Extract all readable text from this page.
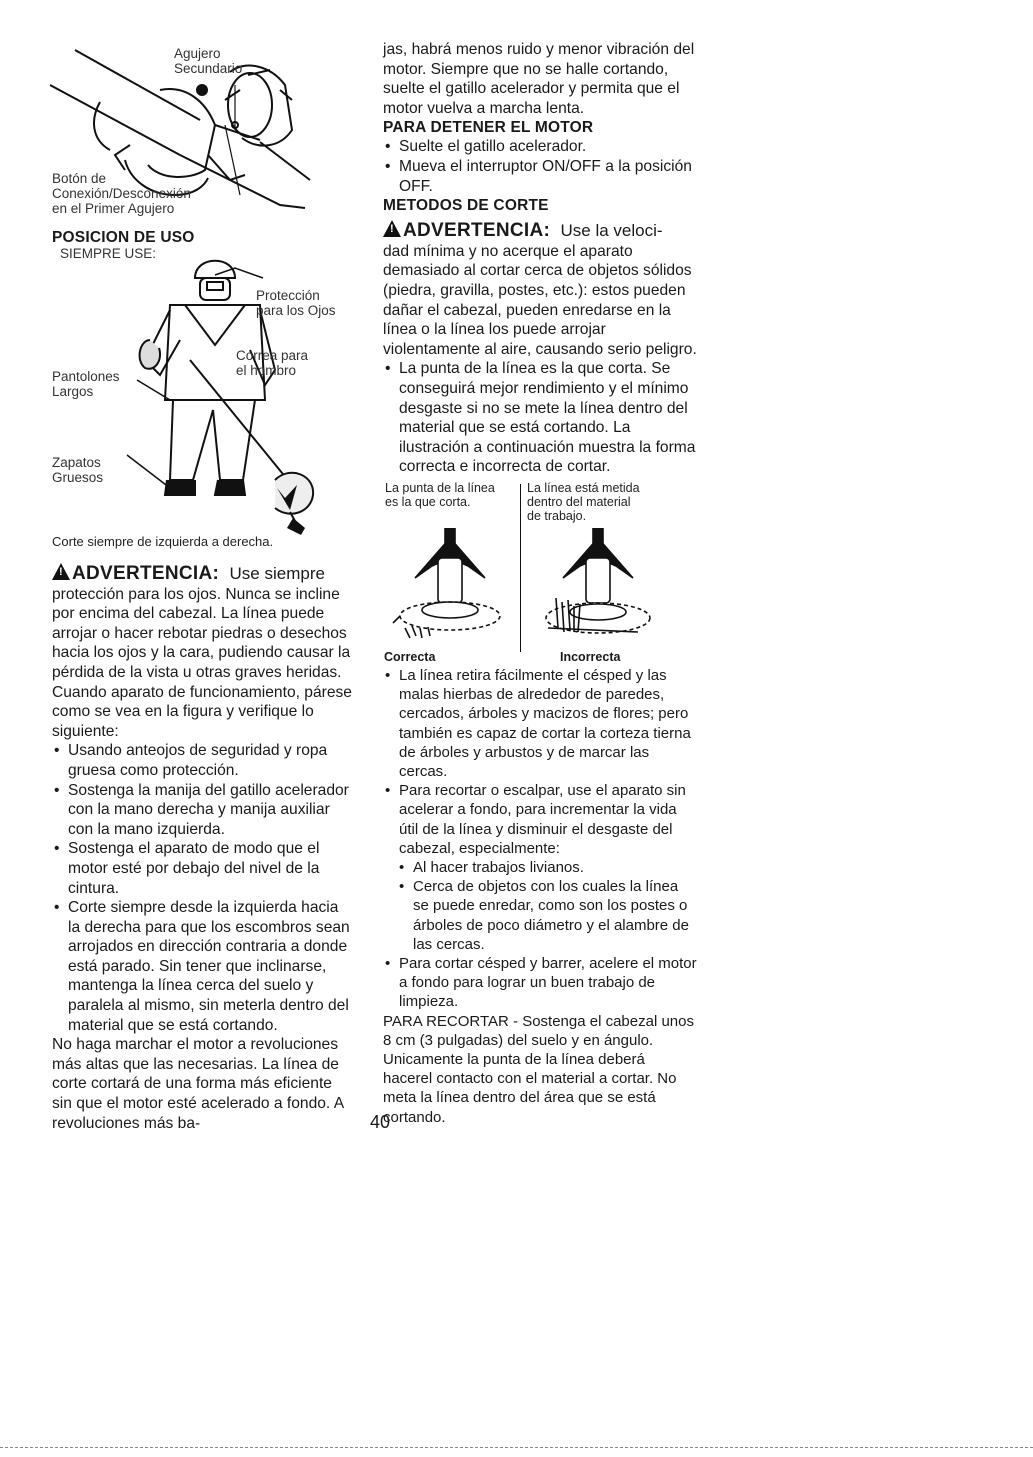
Agujero
Secundario
Botón de
Conexión/Desconexión
en el Primer Agujero
POSICION DE USO
SIEMPRE USE:
Protección
para los Ojos
Correa para
el hombro
Pantolones
Largos
Zapatos
Gruesos
Corte siempre de izquierda a derecha.

! ADVERTENCIA: Use siempre

protección para los ojos. Nunca se incline por encima del cabezal. La línea puede arrojar o hacer rebotar piedras o desechos hacia los ojos y la cara, pudiendo causar la pérdida de la vista u otras graves heridas.

Cuando aparato de funcionamiento, párese como se vea en la figura y verifique lo siguiente:

• Usando anteojos de seguridad y ropa gruesa como protección.
• Sostenga la manija del gatillo acelerador con la mano derecha y manija auxiliar con la mano izquierda.
• Sostenga el aparato de modo que el motor esté por debajo del nivel de la cintura.
• Corte siempre desde la izquierda hacia la derecha para que los escombros sean arrojados en dirección contraria a donde está parado. Sin tener que inclinarse, mantenga la línea cerca del suelo y paralela al mismo, sin meterla dentro del material que se está cortando.

No haga marchar el motor a revoluciones más altas que las necesarias. La línea de corte cortará de una forma más eficiente sin que el motor esté acelerado a fondo. A revoluciones más ba-

jas, habrá menos ruido y menor vibración del motor. Siempre que no se halle cortando, suelte el gatillo acelerador y permita que el motor vuelva a marcha lenta.

PARA DETENER EL MOTOR

• Suelte el gatillo acelerador.
• Mueva el interruptor ON/OFF a la posición OFF.

METODOS DE CORTE

! ADVERTENCIA: Use la veloci-

dad mínima y no acerque el aparato demasiado al cortar cerca de objetos sólidos (piedra, gravilla, postes, etc.): estos pueden dañar el cabezal, pueden enredarse en la línea o la línea los puede arrojar violentamente al aire, causando serio peligro.

• La punta de la línea es la que corta. Se conseguirá mejor rendimiento y el mínimo desgaste si no se mete la línea dentro del material que se está cortando. La ilustración a continuación muestra la forma correcta e incorrecta de cortar.
La punta de la línea
es la que corta.
La línea está metida
dentro del material
de trabajo.
Correcta	Incorrecta
• La línea retira fácilmente el césped y las malas hierbas de alrededor de paredes, cercados, árboles y macizos de flores; pero también es capaz de cortar la corteza tierna de árboles y arbustos y de marcar las cercas.
• Para recortar o escalpar, use el aparato sin acelerar a fondo, para incrementar la vida útil de la línea y disminuir el desgaste del cabezal, especialmente:
• Al hacer trabajos livianos.
• Cerca de objetos con los cuales la línea se puede enredar, como son los postes o árboles de poco diámetro y el alambre de las cercas.
• Para cortar césped y barrer, acelere el motor a fondo para lograr un buen trabajo de limpieza.

PARA RECORTAR - Sostenga el cabezal unos 8 cm (3 pulgadas) del suelo y en ángulo. Unicamente la punta de la línea deberá hacerel contacto con el material a cortar. No meta la línea dentro del área que se está cortando.

40
